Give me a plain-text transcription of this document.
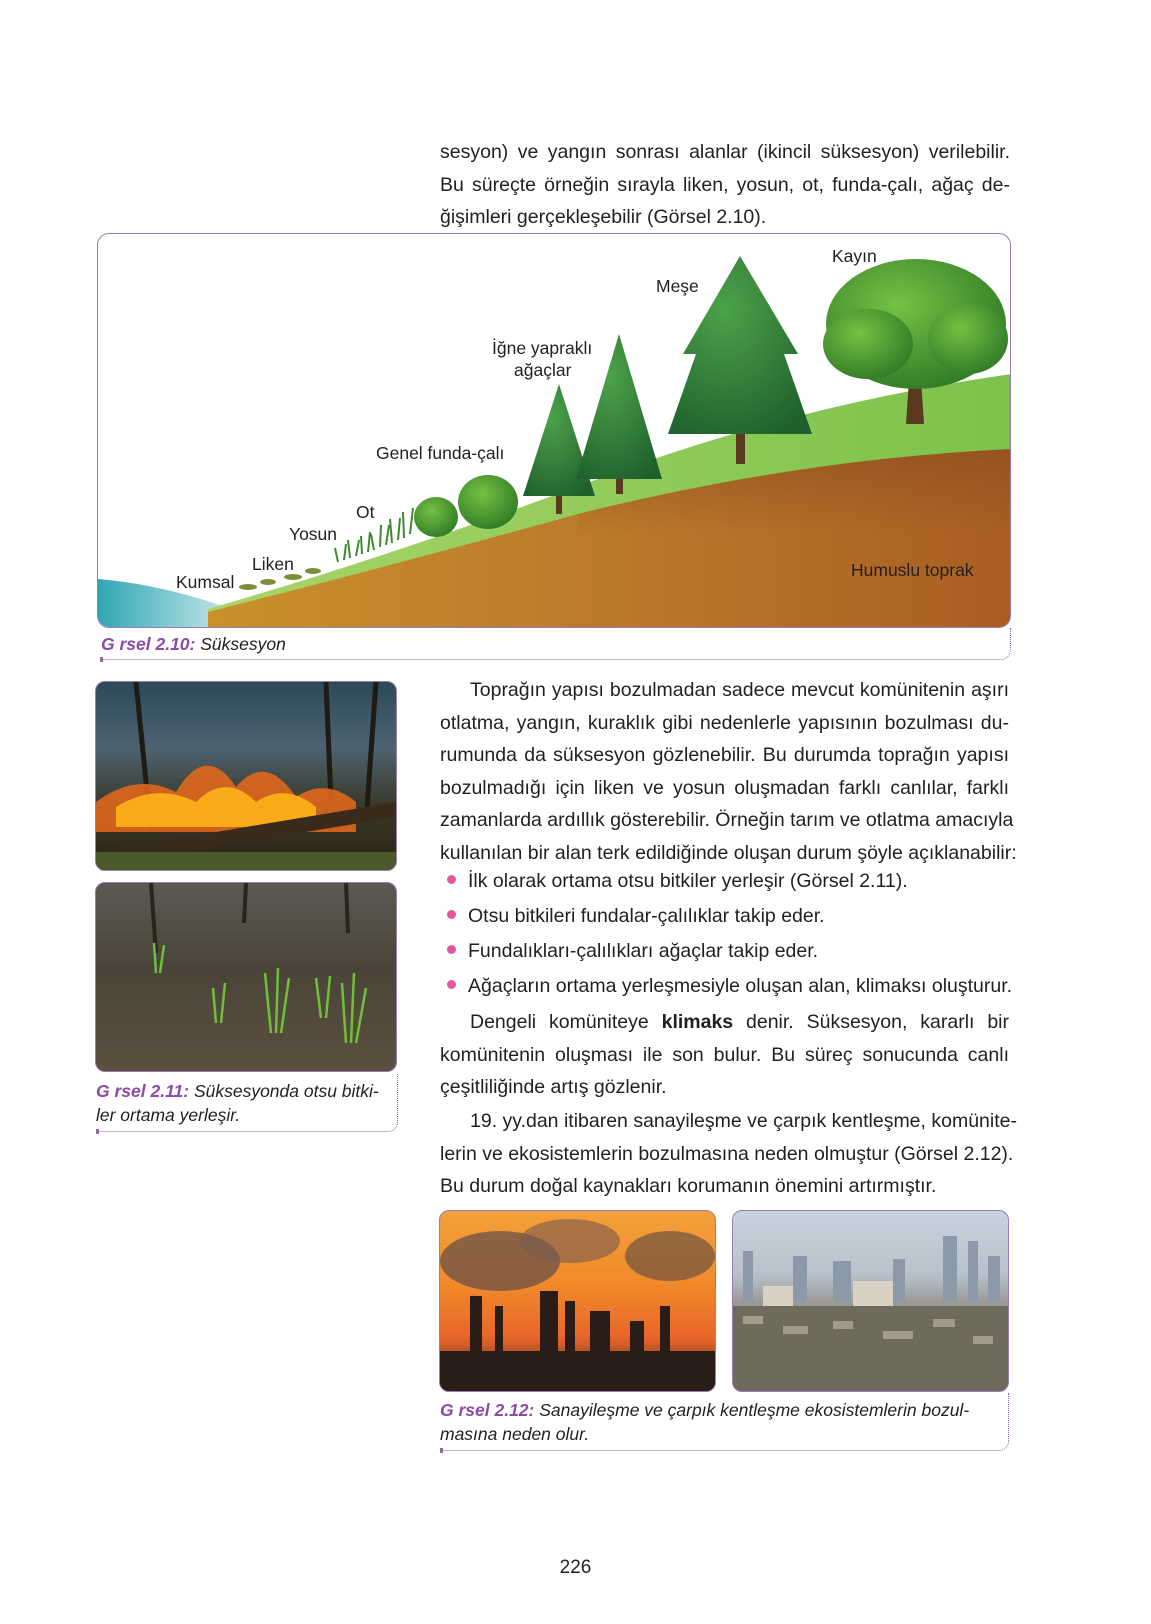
sesyon) ve yangın sonrası alanlar (ikincil süksesyon) verilebilir.
Bu süreçte örneğin sırayla liken, yosun, ot, funda-çalı, ağaç de-
ğişimleri gerçekleşebilir (Görsel 2.10).
Kumsal
Liken
Yosun
Ot
Genel funda-çalı
İğne yapraklı
ağaçlar
Meşe
Kayın
Humuslu toprak
G rsel 2.10: Süksesyon
G rsel 2.11: Süksesyonda otsu bitki-
ler ortama yerleşir.
Toprağın yapısı bozulmadan sadece mevcut komünitenin aşırı
otlatma, yangın, kuraklık gibi nedenlerle yapısının bozulması du-
rumunda da süksesyon gözlenebilir. Bu durumda toprağın yapısı
bozulmadığı için liken ve yosun oluşmadan farklı canlılar, farklı
zamanlarda ardıllık gösterebilir. Örneğin tarım ve otlatma amacıyla
kullanılan bir alan terk edildiğinde oluşan durum şöyle açıklanabilir:
İlk olarak ortama otsu bitkiler yerleşir (Görsel 2.11).
Otsu bitkileri fundalar-çalılıklar takip eder.
Fundalıkları-çalılıkları ağaçlar takip eder.
Ağaçların ortama yerleşmesiyle oluşan alan, klimaksı oluşturur.
Dengeli komüniteye klimaks denir. Süksesyon, kararlı bir
komünitenin oluşması ile son bulur. Bu süreç sonucunda canlı
çeşitliliğinde artış gözlenir.
19. yy.dan itibaren sanayileşme ve çarpık kentleşme, komünite-
lerin ve ekosistemlerin bozulmasına neden olmuştur (Görsel 2.12).
Bu durum doğal kaynakları korumanın önemini artırmıştır.
G rsel 2.12: Sanayileşme ve çarpık kentleşme ekosistemlerin bozul-
masına neden olur.
226
